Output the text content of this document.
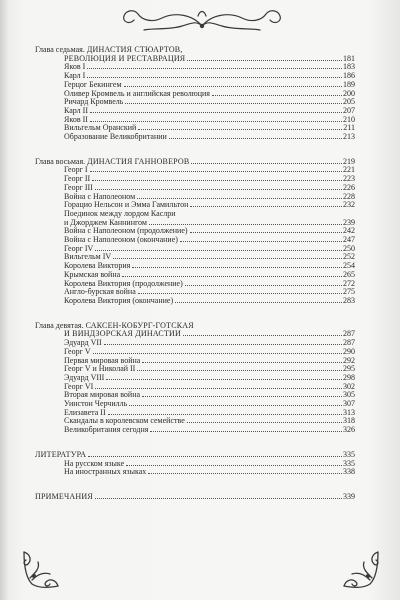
Глава седьмая. ДИНАСТИЯ СТЮАРТОВ,
РЕВОЛЮЦИЯ И РЕСТАВРАЦИЯ	181
Яков I	183
Карл I	186
Герцог Бекингем	189
Оливер Кромвель и английская революция	200
Ричард Кромвель	205
Карл II	207
Яков II	210
Вильгельм Оранский	211
Образование Великобритании	213
Глава восьмая. ДИНАСТИЯ ГАННОВЕРОВ	219
Георг I	221
Георг II	223
Георг III	226
Война с Наполеоном	228
Горацио Нельсон и Эмма Гамильтон	232
Поединок между лордом Каслри
и Джорджем Каннингом	239
Война с Наполеоном (продолжение)	242
Война с Наполеоном (окончание)	247
Георг IV	250
Вильгельм IV	252
Королева Виктория	254
Крымская война	265
Королева Виктория (продолжение)	272
Англо-бурская война	275
Королева Виктория (окончание)	283
Глава девятая. САКСЕН-КОБУРГ-ГОТСКАЯ
И ВИНДЗОРСКАЯ ДИНАСТИИ	287
Эдуард VII	287
Георг V	290
Первая мировая война	292
Георг V и Николай II	295
Эдуард VIII	298
Георг VI	302
Вторая мировая война	305
Уинстон Черчилль	307
Елизавета II	313
Скандалы в королевском семействе	318
Великобритания сегодня	326
ЛИТЕРАТУРА	335
На русском языке	335
На иностранных языках	338
ПРИМЕЧАНИЯ	339
